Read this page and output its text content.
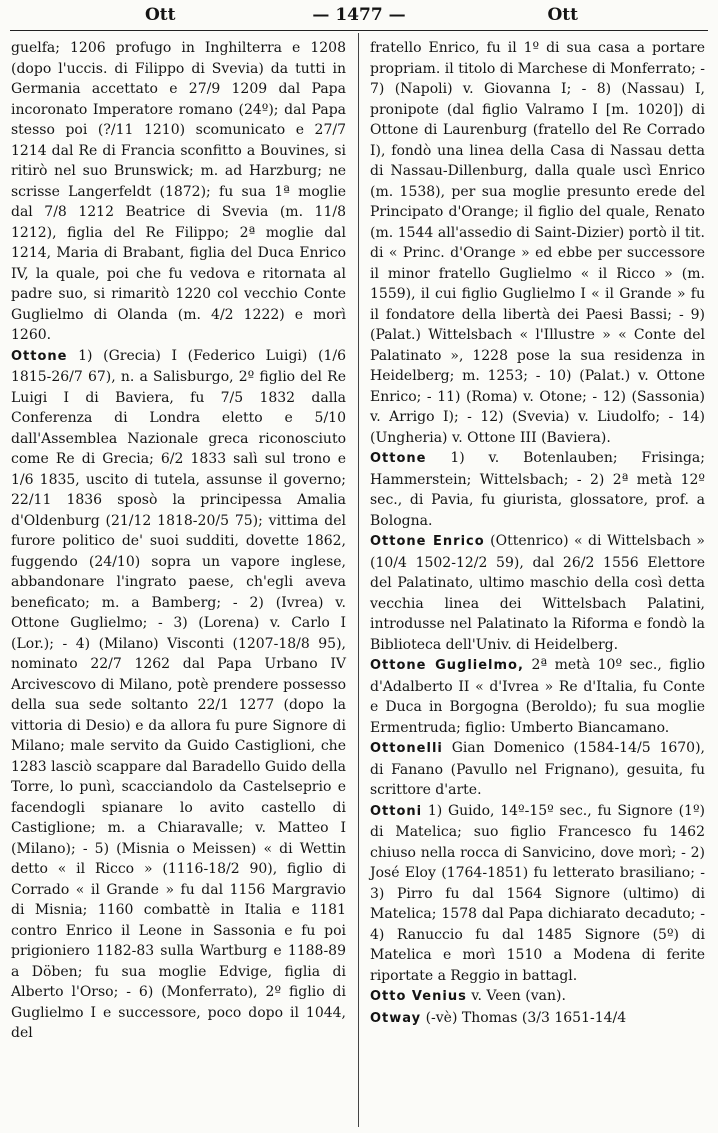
Ott	— 1477 —	Ott

guelfa; 1206 profugo in Inghilterra e 1208 (dopo l'uccis. di Filippo di Svevia) da tutti in Germania accettato e 27/9 1209 dal Papa incoronato Imperatore romano (24º); dal Papa stesso poi (?/11 1210) scomunicato e 27/7 1214 dal Re di Francia sconfitto a Bouvines, si ritirò nel suo Brunswick; m. ad Harzburg; ne scrisse Langerfeldt (1872); fu sua 1ª moglie dal 7/8 1212 Beatrice di Svevia (m. 11/8 1212), figlia del Re Filippo; 2ª moglie dal 1214, Maria di Brabant, figlia del Duca Enrico IV, la quale, poi che fu vedova e ritornata al padre suo, si rimaritò 1220 col vecchio Conte Guglielmo di Olanda (m. 4/2 1222) e morì 1260.

Ottone 1) (Grecia) I (Federico Luigi) (1/6 1815-26/7 67), n. a Salisburgo, 2º figlio del Re Luigi I di Baviera, fu 7/5 1832 dalla Conferenza di Londra eletto e 5/10 dall'Assemblea Nazionale greca riconosciuto come Re di Grecia; 6/2 1833 salì sul trono e 1/6 1835, uscito di tutela, assunse il governo; 22/11 1836 sposò la principessa Amalia d'Oldenburg (21/12 1818-20/5 75); vittima del furore politico de' suoi sudditi, dovette 1862, fuggendo (24/10) sopra un vapore inglese, abbandonare l'ingrato paese, ch'egli aveva beneficato; m. a Bamberg; - 2) (Ivrea) v. Ottone Guglielmo; - 3) (Lorena) v. Carlo I (Lor.); - 4) (Milano) Visconti (1207-18/8 95), nominato 22/7 1262 dal Papa Urbano IV Arcivescovo di Milano, potè prendere possesso della sua sede soltanto 22/1 1277 (dopo la vittoria di Desio) e da allora fu pure Signore di Milano; male servito da Guido Castiglioni, che 1283 lasciò scappare dal Baradello Guido della Torre, lo punì, scacciandolo da Castelseprio e facendogli spianare lo avito castello di Castiglione; m. a Chiaravalle; v. Matteo I (Milano); - 5) (Misnia o Meissen) « di Wettin detto « il Ricco » (1116-18/2 90), figlio di Corrado « il Grande » fu dal 1156 Margravio di Misnia; 1160 combattè in Italia e 1181 contro Enrico il Leone in Sassonia e fu poi prigioniero 1182-83 sulla Wartburg e 1188-89 a Döben; fu sua moglie Edvige, figlia di Alberto l'Orso; - 6) (Monferrato), 2º figlio di Guglielmo I e successore, poco dopo il 1044, del

fratello Enrico, fu il 1º di sua casa a portare propriam. il titolo di Marchese di Monferrato; - 7) (Napoli) v. Giovanna I; - 8) (Nassau) I, pronipote (dal figlio Valramo I [m. 1020]) di Ottone di Laurenburg (fratello del Re Corrado I), fondò una linea della Casa di Nassau detta di Nassau-Dillenburg, dalla quale uscì Enrico (m. 1538), per sua moglie presunto erede del Principato d'Orange; il figlio del quale, Renato (m. 1544 all'assedio di Saint-Dizier) portò il tit. di « Princ. d'Orange » ed ebbe per successore il minor fratello Guglielmo « il Ricco » (m. 1559), il cui figlio Guglielmo I « il Grande » fu il fondatore della libertà dei Paesi Bassi; - 9) (Palat.) Wittelsbach « l'Illustre » « Conte del Palatinato », 1228 pose la sua residenza in Heidelberg; m. 1253; - 10) (Palat.) v. Ottone Enrico; - 11) (Roma) v. Otone; - 12) (Sassonia) v. Arrigo I); - 12) (Svevia) v. Liudolfo; - 14) (Ungheria) v. Ottone III (Baviera).

Ottone 1) v. Botenlauben; Frisinga; Hammerstein; Wittelsbach; - 2) 2ª metà 12º sec., di Pavia, fu giurista, glossatore, prof. a Bologna.

Ottone Enrico (Ottenrico) « di Wittelsbach » (10/4 1502-12/2 59), dal 26/2 1556 Elettore del Palatinato, ultimo maschio della così detta vecchia linea dei Wittelsbach Palatini, introdusse nel Palatinato la Riforma e fondò la Biblioteca dell'Univ. di Heidelberg.

Ottone Guglielmo, 2ª metà 10º sec., figlio d'Adalberto II « d'Ivrea » Re d'Italia, fu Conte e Duca in Borgogna (Beroldo); fu sua moglie Ermentruda; figlio: Umberto Biancamano.

Ottonelli Gian Domenico (1584-14/5 1670), di Fanano (Pavullo nel Frignano), gesuita, fu scrittore d'arte.

Ottoni 1) Guido, 14º-15º sec., fu Signore (1º) di Matelica; suo figlio Francesco fu 1462 chiuso nella rocca di Sanvicino, dove morì; - 2) José Eloy (1764-1851) fu letterato brasiliano; - 3) Pirro fu dal 1564 Signore (ultimo) di Matelica; 1578 dal Papa dichiarato decaduto; - 4) Ranuccio fu dal 1485 Signore (5º) di Matelica e morì 1510 a Modena di ferite riportate a Reggio in battagl.

Otto Venius v. Veen (van).

Otway (-vè) Thomas (3/3 1651-14/4
